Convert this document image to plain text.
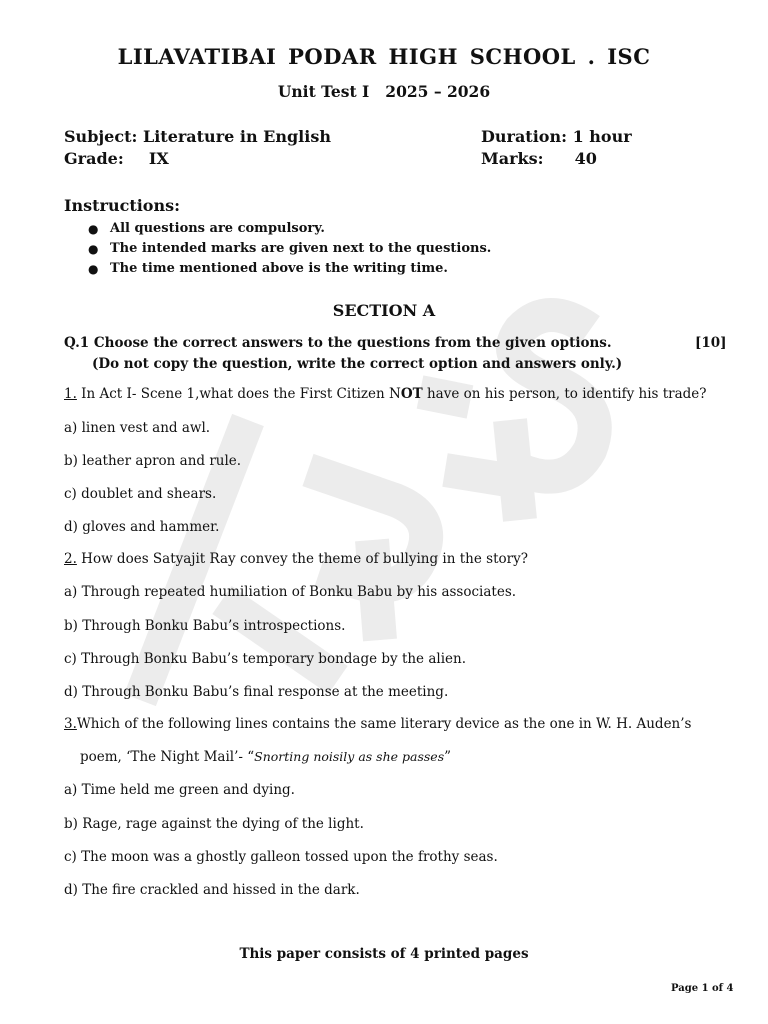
LILAVATIBAI PODAR HIGH SCHOOL . ISC
Unit Test I 2025 – 2026
Subject: Literature in English
Grade: IX
Duration: 1 hour
Marks: 40
Instructions:
● All questions are compulsory.
● The intended marks are given next to the questions.
● The time mentioned above is the writing time.
SECTION A
Q.1 Choose the correct answers to the questions from the given options.	[10]
(Do not copy the question, write the correct option and answers only.)
1. In Act I- Scene 1,what does the First Citizen NOT have on his person, to identify his trade?
a) linen vest and awl.
b) leather apron and rule.
c) doublet and shears.
d) gloves and hammer.
2. How does Satyajit Ray convey the theme of bullying in the story?
a) Through repeated humiliation of Bonku Babu by his associates.
b) Through Bonku Babu’s introspections.
c) Through Bonku Babu’s temporary bondage by the alien.
d) Through Bonku Babu’s final response at the meeting.
3.Which of the following lines contains the same literary device as the one in W. H. Auden’s
poem, ‘The Night Mail’- “Snorting noisily as she passes”
a) Time held me green and dying.
b) Rage, rage against the dying of the light.
c) The moon was a ghostly galleon tossed upon the frothy seas.
d) The fire crackled and hissed in the dark.
This paper consists of 4 printed pages
Page 1 of 4
